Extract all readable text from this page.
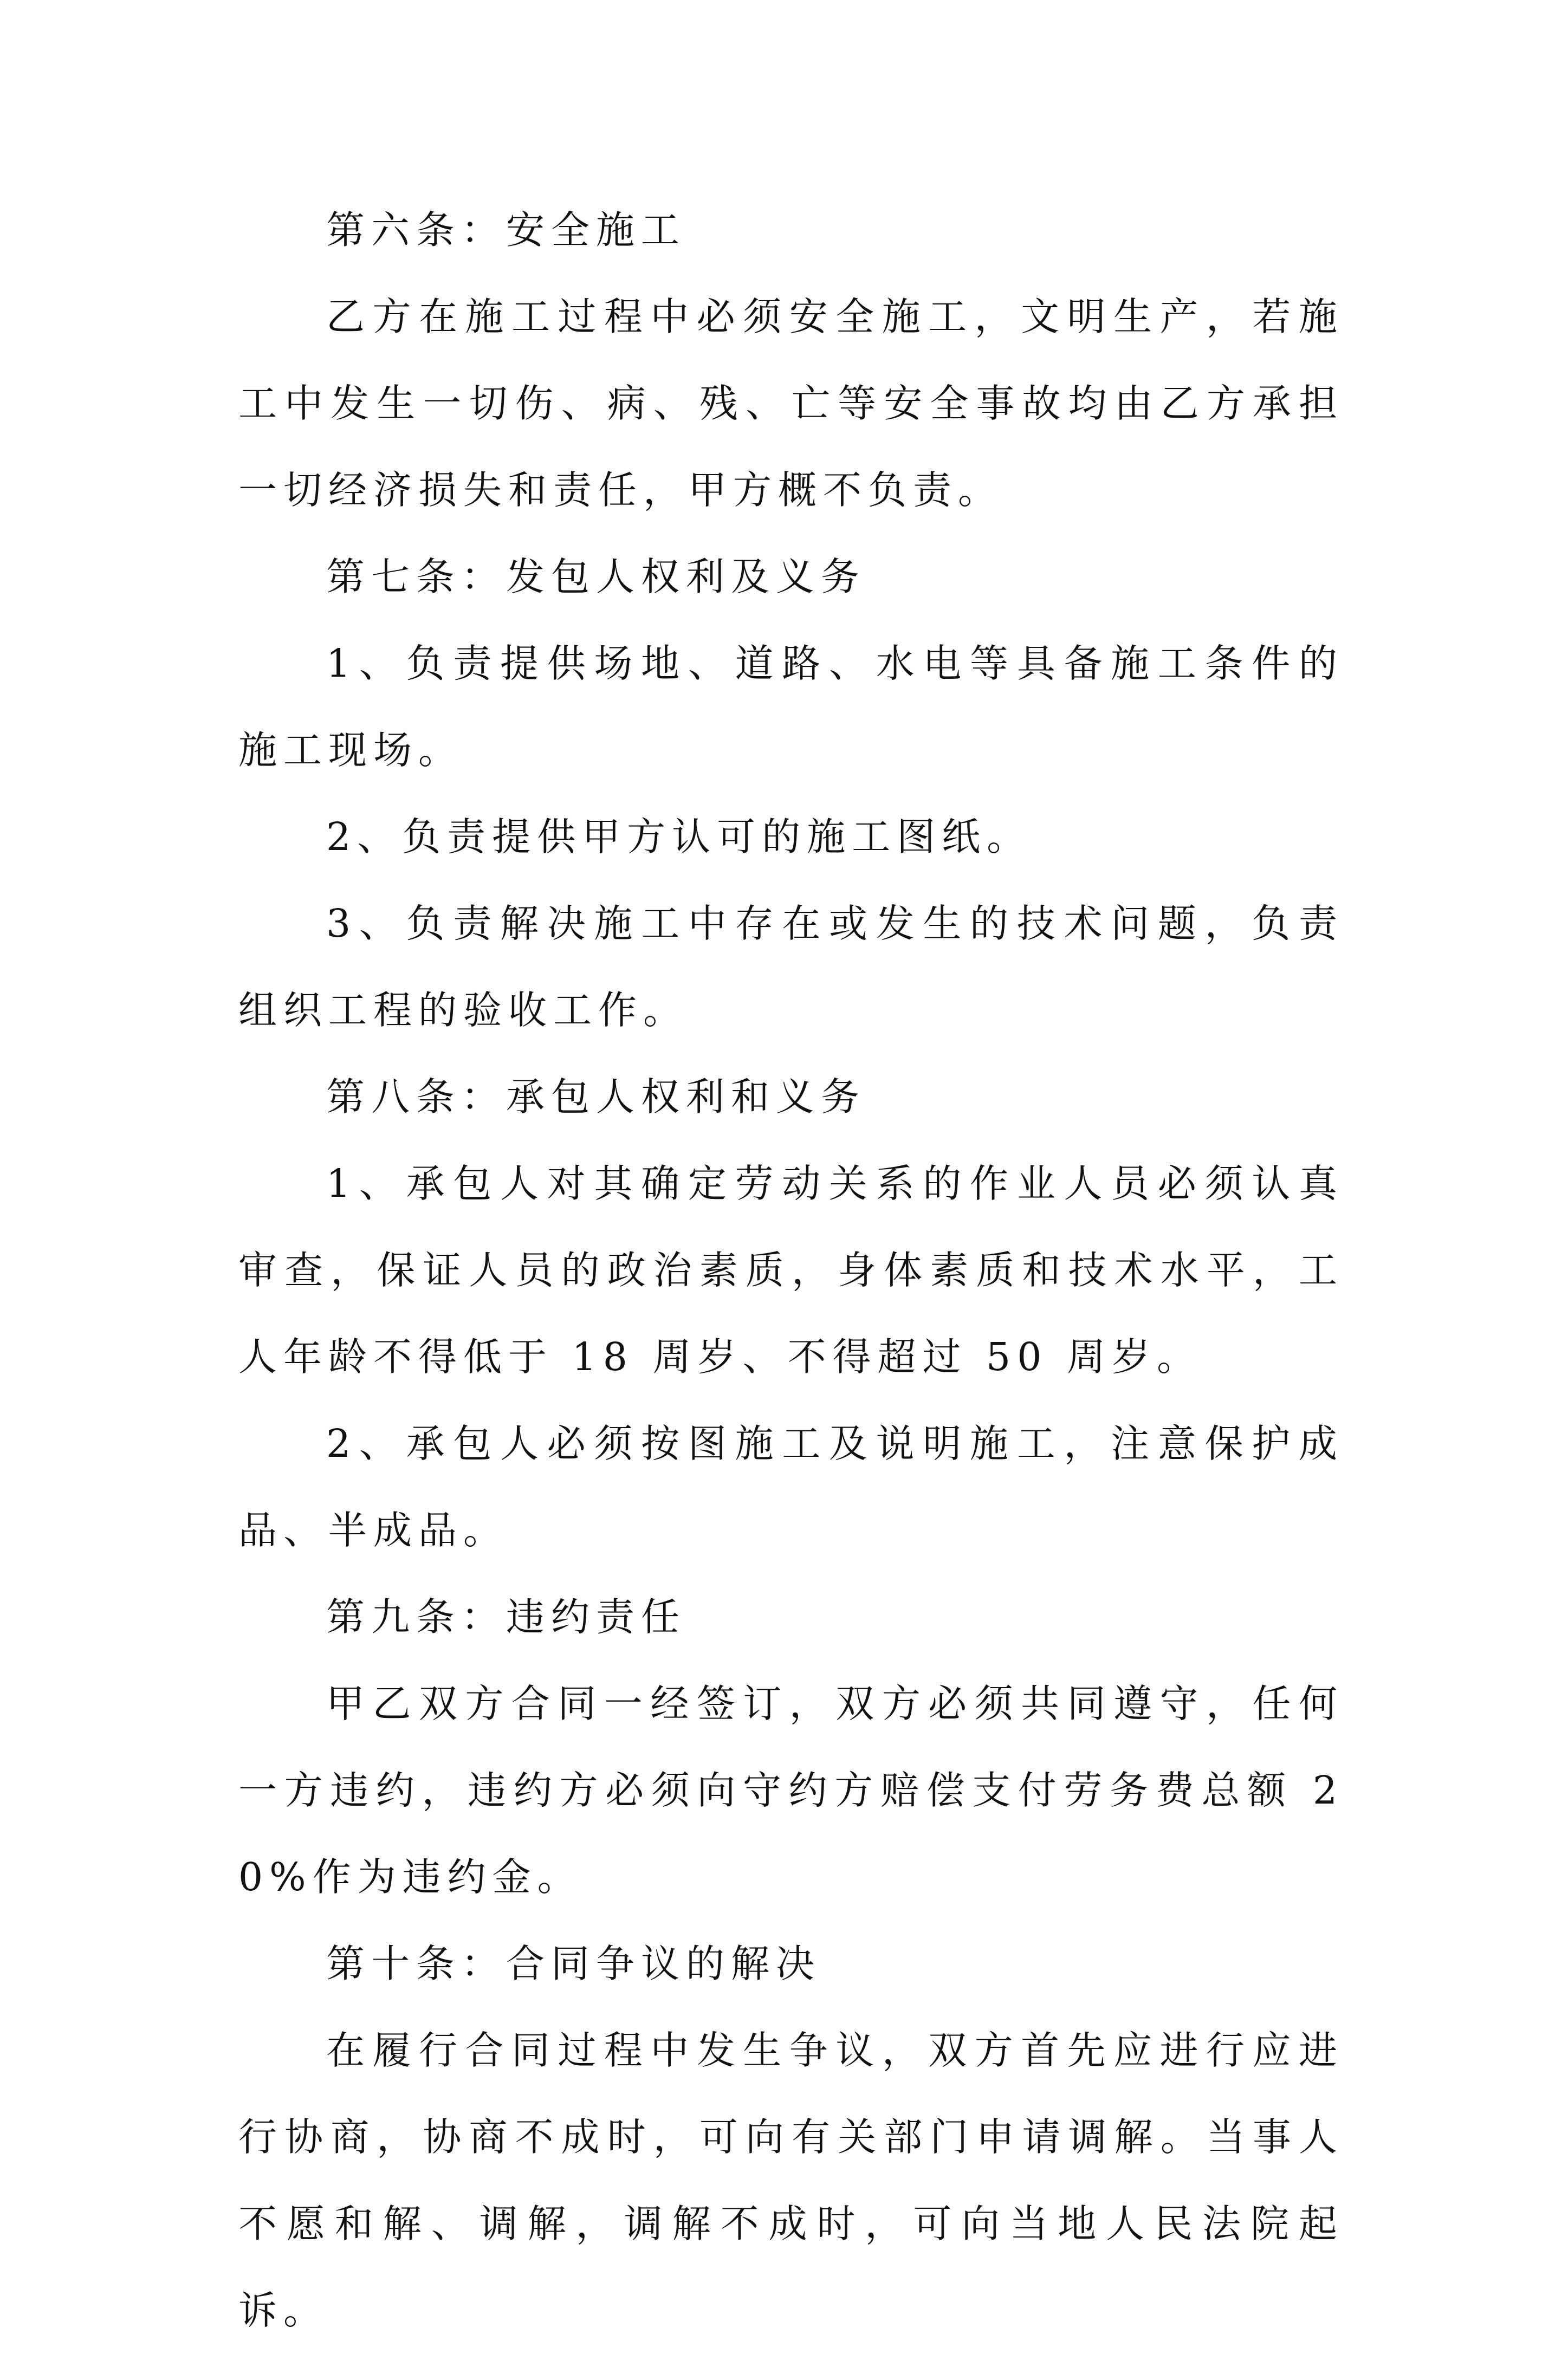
第六条：安全施工

乙方在施工过程中必须安全施工，文明生产，若施工中发生一切伤、病、残、亡等安全事故均由乙方承担一切经济损失和责任，甲方概不负责。

第七条：发包人权利及义务

1、负责提供场地、道路、水电等具备施工条件的施工现场。

2、负责提供甲方认可的施工图纸。

3、负责解决施工中存在或发生的技术问题，负责组织工程的验收工作。

第八条：承包人权利和义务

1、承包人对其确定劳动关系的作业人员必须认真审查，保证人员的政治素质，身体素质和技术水平，工人年龄不得低于 18 周岁、不得超过 50 周岁。

2、承包人必须按图施工及说明施工，注意保护成品、半成品。

第九条：违约责任

甲乙双方合同一经签订，双方必须共同遵守，任何一方违约，违约方必须向守约方赔偿支付劳务费总额 20%作为违约金。

第十条：合同争议的解决

在履行合同过程中发生争议，双方首先应进行应进行协商，协商不成时，可向有关部门申请调解。当事人不愿和解、调解，调解不成时，可向当地人民法院起诉。
